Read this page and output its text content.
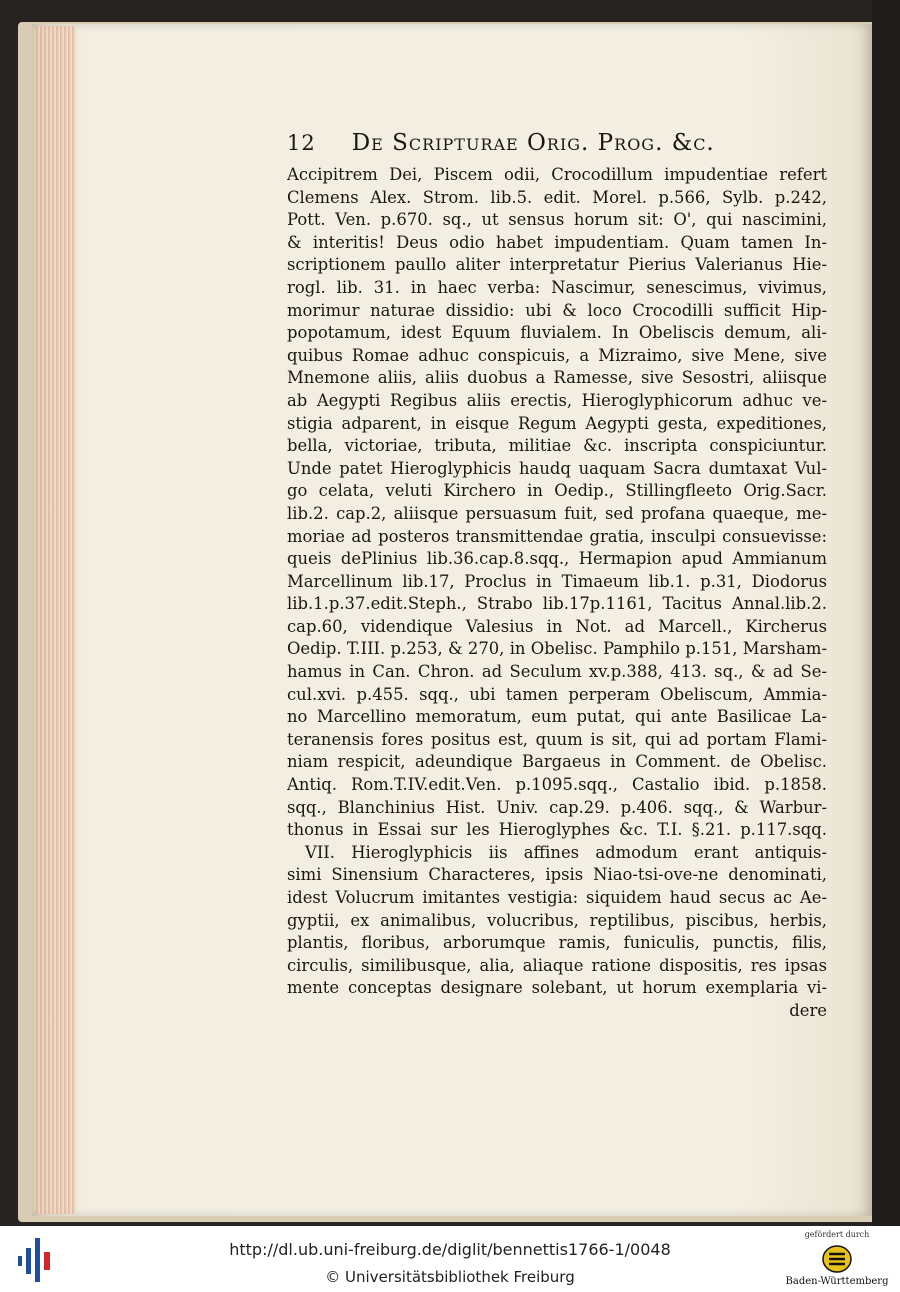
12 De Scripturae Orig. Prog. &c.
Accipitrem Dei, Piscem odii, Crocodillum impudentiae refert
Clemens Alex. Strom. lib.5. edit. Morel. p.566, Sylb. p.242,
Pott. Ven. p.670. sq., ut sensus horum sit: O', qui nascimini,
& interitis! Deus odio habet impudentiam. Quam tamen In-
scriptionem paullo aliter interpretatur Pierius Valerianus Hie-
rogl. lib. 31. in haec verba: Nascimur, senescimus, vivimus,
morimur naturae dissidio: ubi & loco Crocodilli sufficit Hip-
popotamum, idest Equum fluvialem. In Obeliscis demum, ali-
quibus Romae adhuc conspicuis, a Mizraimo, sive Mene, sive
Mnemone aliis, aliis duobus a Ramesse, sive Sesostri, aliisque
ab Aegypti Regibus aliis erectis, Hieroglyphicorum adhuc ve-
stigia adparent, in eisque Regum Aegypti gesta, expeditiones,
bella, victoriae, tributa, militiae &c. inscripta conspiciuntur.
Unde patet Hieroglyphicis haudq uaquam Sacra dumtaxat Vul-
go celata, veluti Kirchero in Oedip., Stillingfleeto Orig.Sacr.
lib.2. cap.2, aliisque persuasum fuit, sed profana quaeque, me-
moriae ad posteros transmittendae gratia, insculpi consuevisse:
queis dePlinius lib.36.cap.8.sqq., Hermapion apud Ammianum
Marcellinum lib.17, Proclus in Timaeum lib.1. p.31, Diodorus
lib.1.p.37.edit.Steph., Strabo lib.17p.1161, Tacitus Annal.lib.2.
cap.60, videndique Valesius in Not. ad Marcell., Kircherus
Oedip. T.III. p.253, & 270, in Obelisc. Pamphilo p.151, Marsham-
hamus in Can. Chron. ad Seculum xv.p.388, 413. sq., & ad Se-
cul.xvi. p.455. sqq., ubi tamen perperam Obeliscum, Ammia-
no Marcellino memoratum, eum putat, qui ante Basilicae La-
teranensis fores positus est, quum is sit, qui ad portam Flami-
niam respicit, adeundique Bargaeus in Comment. de Obelisc.
Antiq. Rom.T.IV.edit.Ven. p.1095.sqq., Castalio ibid. p.1858.
sqq., Blanchinius Hist. Univ. cap.29. p.406. sqq., & Warbur-
thonus in Essai sur les Hieroglyphes &c. T.I. §.21. p.117.sqq.
VII. Hieroglyphicis iis affines admodum erant antiquis-
simi Sinensium Characteres, ipsis Niao-tsi-ove-ne denominati,
idest Volucrum imitantes vestigia: siquidem haud secus ac Ae-
gyptii, ex animalibus, volucribus, reptilibus, piscibus, herbis,
plantis, floribus, arborumque ramis, funiculis, punctis, filis,
circulis, similibusque, alia, aliaque ratione dispositis, res ipsas
mente conceptas designare solebant, ut horum exemplaria vi-
dere
http://dl.ub.uni-freiburg.de/diglit/bennettis1766-1/0048
© Universitätsbibliothek Freiburg
gefördert durch
Baden-Württemberg
